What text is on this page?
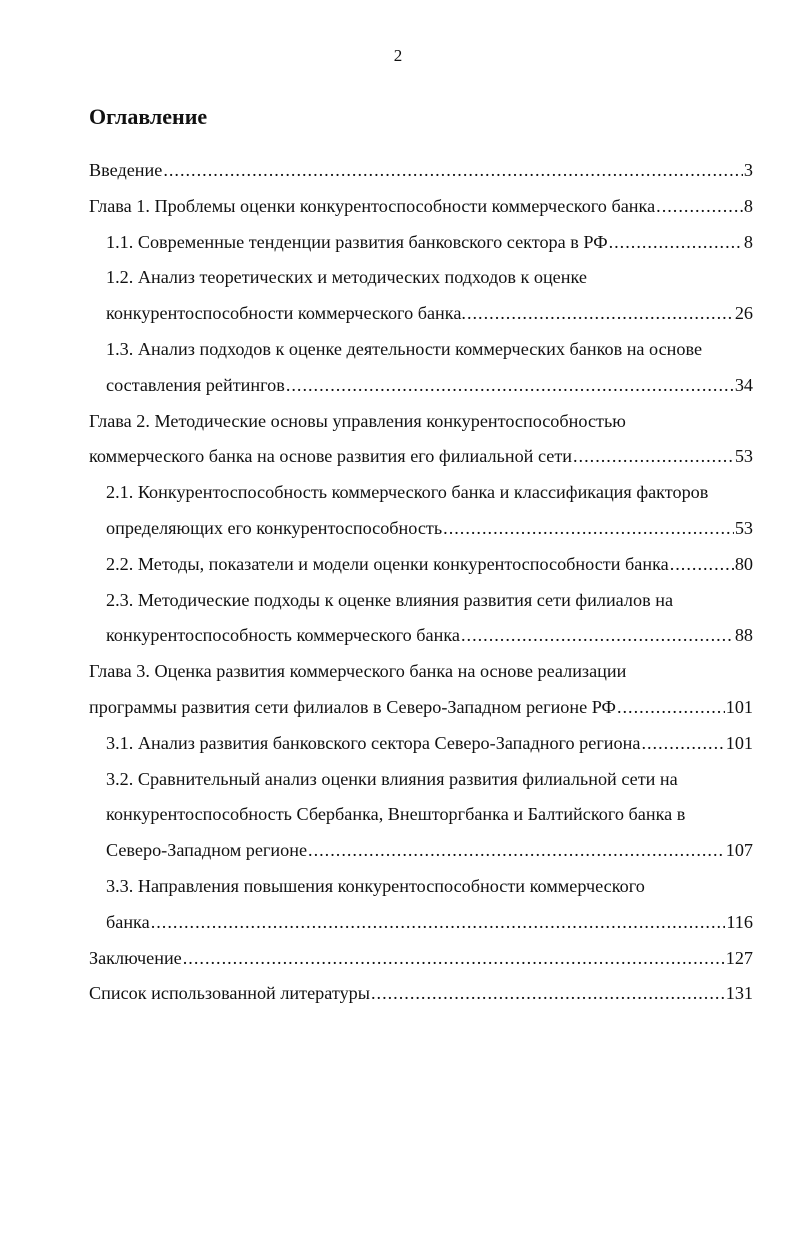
2
Оглавление
Введение .....	3
Глава 1. Проблемы оценки конкурентоспособности коммерческого банка .....	8
1.1. Современные тенденции развития банковского сектора в РФ .....	8
1.2. Анализ теоретических и методических подходов к оценке
конкурентоспособности коммерческого банка. .....	26
1.3. Анализ подходов к оценке деятельности коммерческих банков на основе
составления рейтингов .....	34
Глава 2. Методические основы управления конкурентоспособностью
коммерческого банка на основе развития его филиальной сети .....	53
2.1. Конкурентоспособность коммерческого банка и классификация факторов
определяющих его конкурентоспособность .....	53
2.2. Методы, показатели и модели оценки конкурентоспособности банка .....	80
2.3. Методические подходы к оценке влияния развития сети филиалов на
конкурентоспособность коммерческого банка .....	88
Глава 3. Оценка развития коммерческого банка на основе реализации
программы развития сети филиалов в Северо-Западном регионе РФ .....	101
3.1. Анализ развития банковского сектора Северо-Западного региона .....	101
3.2. Сравнительный анализ оценки влияния развития филиальной сети на
конкурентоспособность Сбербанка, Внешторгбанка и Балтийского банка в
Северо-Западном регионе .....	107
3.3. Направления повышения конкурентоспособности коммерческого
банка .....	116
Заключение .....	127
Список использованной литературы .....	131
